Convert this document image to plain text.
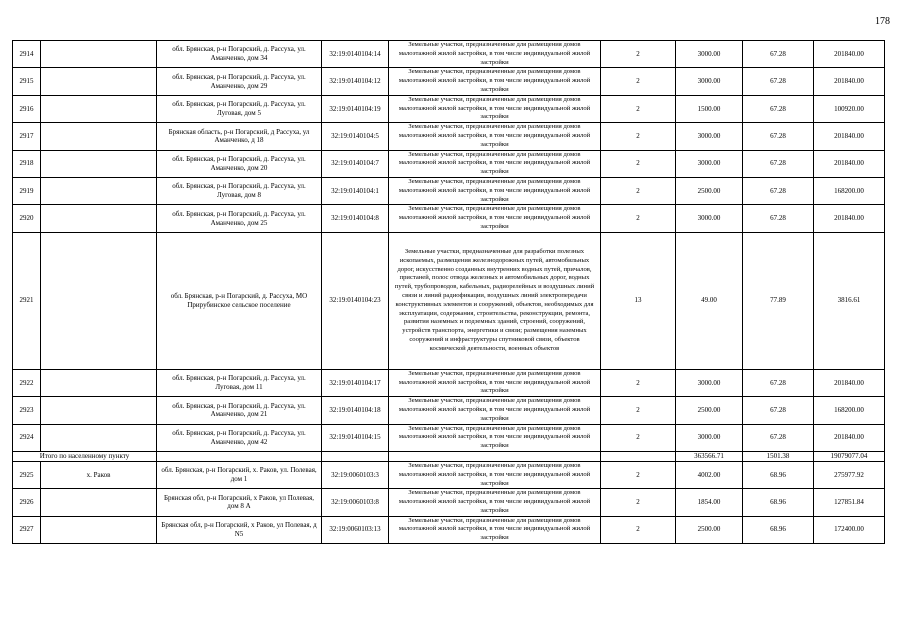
178
2914		обл. Брянская, р-н Погарский, д. Рассуха, ул. Аманченко, дом 34	32:19:0140104:14	Земельные участки, предназначенные для размещения домов малоэтажной жилой застройки, в том числе индивидуальной жилой застройки	2	3000.00	67.28	201840.00
2915		обл. Брянская, р-н Погарский, д. Рассуха, ул. Аманченко, дом 29	32:19:0140104:12	Земельные участки, предназначенные для размещения домов малоэтажной жилой застройки, в том числе индивидуальной жилой застройки	2	3000.00	67.28	201840.00
2916		обл. Брянская, р-н Погарский, д. Рассуха, ул. Луговая, дом 5	32:19:0140104:19	Земельные участки, предназначенные для размещения домов малоэтажной жилой застройки, в том числе индивидуальной жилой застройки	2	1500.00	67.28	100920.00
2917		Брянская область, р-н Погарский, д Рассуха, ул Аманченко, д 18	32:19:0140104:5	Земельные участки, предназначенные для размещения домов малоэтажной жилой застройки, в том числе индивидуальной жилой застройки	2	3000.00	67.28	201840.00
2918		обл. Брянская, р-н Погарский, д. Рассуха, ул. Аманченко, дом 20	32:19:0140104:7	Земельные участки, предназначенные для размещения домов малоэтажной жилой застройки, в том числе индивидуальной жилой застройки	2	3000.00	67.28	201840.00
2919		обл. Брянская, р-н Погарский, д. Рассуха, ул. Луговая, дом 8	32:19:0140104:1	Земельные участки, предназначенные для размещения домов малоэтажной жилой застройки, в том числе индивидуальной жилой застройки	2	2500.00	67.28	168200.00
2920		обл. Брянская, р-н Погарский, д. Рассуха, ул. Аманченко, дом 25	32:19:0140104:8	Земельные участки, предназначенные для размещения домов малоэтажной жилой застройки, в том числе индивидуальной жилой застройки	2	3000.00	67.28	201840.00
2921		обл. Брянская, р-н Погарский, д. Рассуха, МО Прирубинское сельское поселение	32:19:0140104:23	Земельные участки, предназначенные для разработки полезных ископаемых, размещения железнодорожных путей, автомобильных дорог, искусственно созданных внутренних водных путей, причалов, пристаней, полос отвода железных и автомобильных дорог, водных путей, трубопроводов, кабельных, радиорелейных и воздушных линий связи и линий радиофикации, воздушных линий электропередачи конструктивных элементов и сооружений, объектов, необходимых для эксплуатации, содержания, строительства, реконструкции, ремонта, развития наземных и подземных зданий, строений, сооружений, устройств транспорта, энергетики и связи; размещения наземных сооружений и инфраструктуры спутниковой связи, объектов космической деятельности, военных объектов	13	49.00	77.89	3816.61
2922		обл. Брянская, р-н Погарский, д. Рассуха, ул. Луговая, дом 11	32:19:0140104:17	Земельные участки, предназначенные для размещения домов малоэтажной жилой застройки, в том числе индивидуальной жилой застройки	2	3000.00	67.28	201840.00
2923		обл. Брянская, р-н Погарский, д. Рассуха, ул. Аманченко, дом 21	32:19:0140104:18	Земельные участки, предназначенные для размещения домов малоэтажной жилой застройки, в том числе индивидуальной жилой застройки	2	2500.00	67.28	168200.00
2924		обл. Брянская, р-н Погарский, д. Рассуха, ул. Аманченко, дом 42	32:19:0140104:15	Земельные участки, предназначенные для размещения домов малоэтажной жилой застройки, в том числе индивидуальной жилой застройки	2	3000.00	67.28	201840.00
Итого по населенному пункту						363566.71	1501.38	19079077.04
2925	х. Раков	обл. Брянская, р-н Погарский, х. Раков, ул. Полевая, дом 1	32:19:0060103:3	Земельные участки, предназначенные для размещения домов малоэтажной жилой застройки, в том числе индивидуальной жилой застройки	2	4002.00	68.96	275977.92
2926		Брянская обл, р-н Погарский, х Раков, ул Полевая, дом 8 А	32:19:0060103:8	Земельные участки, предназначенные для размещения домов малоэтажной жилой застройки, в том числе индивидуальной жилой застройки	2	1854.00	68.96	127851.84
2927		Брянская обл, р-н Погарский, х Раков, ул Полевая, д N5	32:19:0060103:13	Земельные участки, предназначенные для размещения домов малоэтажной жилой застройки, в том числе индивидуальной жилой застройки	2	2500.00	68.96	172400.00
